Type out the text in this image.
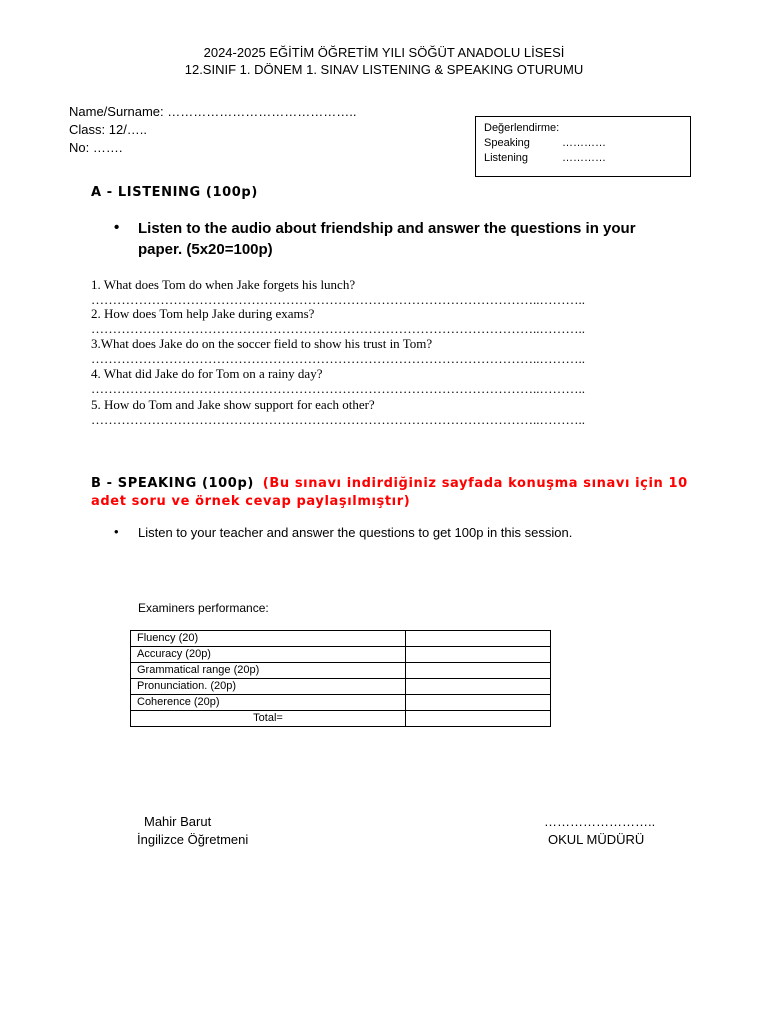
2024-2025 EĞİTİM ÖĞRETİM YILI SÖĞÜT ANADOLU LİSESİ
12.SINIF 1. DÖNEM 1. SINAV LISTENING & SPEAKING OTURUMU
Name/Surname: ……………………………………..
Class: 12/…..
No: …….
Değerlendirme:
Speaking	…………
Listening	…………
A - LISTENING (100p)
• Listen to the audio about friendship and answer the questions in your paper. (5x20=100p)
1. What does Tom do when Jake forgets his lunch?
…………………………………………………………………………………………..………..
2. How does Tom help Jake during exams?
…………………………………………………………………………………………..………..
3.What does Jake do on the soccer field to show his trust in Tom?
…………………………………………………………………………………………..………..
4. What did Jake do for Tom on a rainy day?
…………………………………………………………………………………………..………..
5. How do Tom and Jake show support for each other?
…………………………………………………………………………………………..………..
B - SPEAKING (100p) (Bu sınavı indirdiğiniz sayfada konuşma sınavı için 10 adet soru ve örnek cevap paylaşılmıştır)
• Listen to your teacher and answer the questions to get 100p in this session.
Examiners performance:
Fluency (20)	
Accuracy (20p)	
Grammatical range (20p)	
Pronunciation. (20p)	
Coherence (20p)	
Total=	
Mahir Barut
İngilizce Öğretmeni
……………………..
OKUL MÜDÜRÜ
